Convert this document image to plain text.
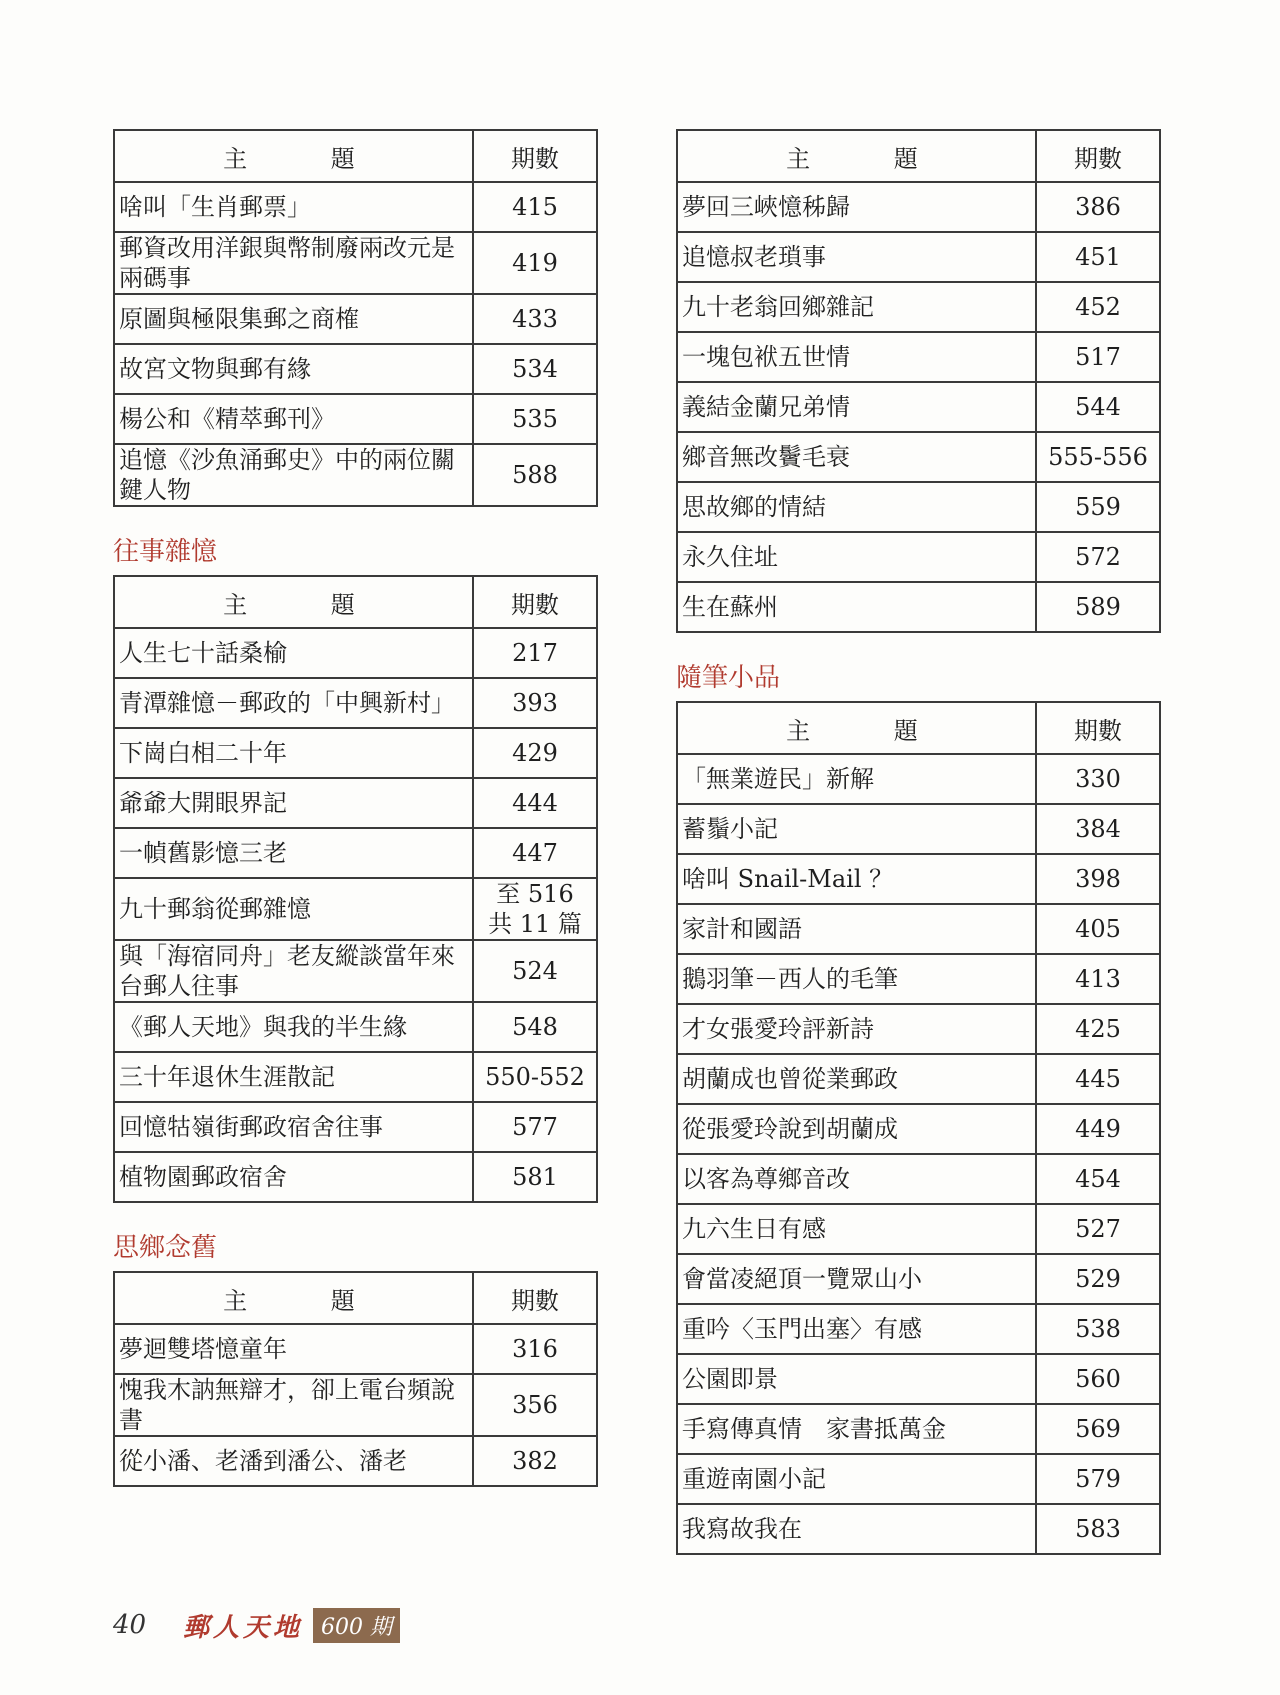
主 題	期數
啥叫「生肖郵票」	415
郵資改用洋銀與幣制廢兩改元是兩碼事	419
原圖與極限集郵之商榷	433
故宮文物與郵有緣	534
楊公和《精萃郵刊》	535
追憶《沙魚涌郵史》中的兩位關鍵人物	588
往事雜憶
主 題	期數
人生七十話桑榆	217
青潭雜憶－郵政的「中興新村」	393
下崗白相二十年	429
爺爺大開眼界記	444
一幀舊影憶三老	447
九十郵翁從郵雜憶	至 516
共 11 篇
與「海宿同舟」老友縱談當年來台郵人往事	524
《郵人天地》與我的半生緣	548
三十年退休生涯散記	550-552
回憶牯嶺街郵政宿舍往事	577
植物園郵政宿舍	581
思鄉念舊
主 題	期數
夢迴雙塔憶童年	316
愧我木訥無辯才，卻上電台頻說書	356
從小潘、老潘到潘公、潘老	382
主 題	期數
夢回三峽憶秭歸	386
追憶叔老瑣事	451
九十老翁回鄉雜記	452
一塊包袱五世情	517
義結金蘭兄弟情	544
鄉音無改鬢毛衰	555-556
思故鄉的情結	559
永久住址	572
生在蘇州	589
隨筆小品
主 題	期數
「無業遊民」新解	330
蓄鬚小記	384
啥叫 Snail-Mail ？	398
家計和國語	405
鵝羽筆－西人的毛筆	413
才女張愛玲評新詩	425
胡蘭成也曾從業郵政	445
從張愛玲說到胡蘭成	449
以客為尊鄉音改	454
九六生日有感	527
會當凌絕頂一覽眾山小	529
重吟〈玉門出塞〉有感	538
公園即景	560
手寫傳真情　家書抵萬金	569
重遊南園小記	579
我寫故我在	583
40	郵人天地 600 期
